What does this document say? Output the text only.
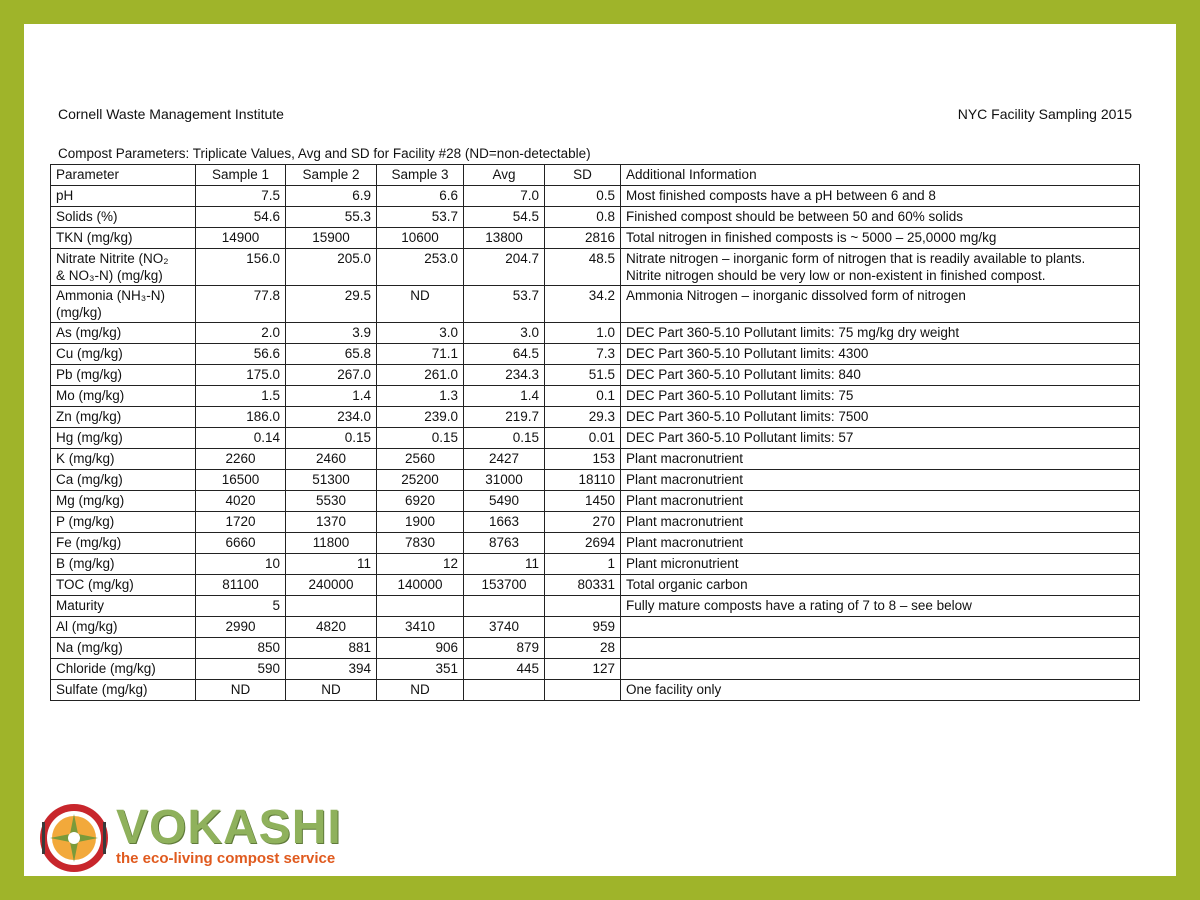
Cornell Waste Management Institute	NYC Facility Sampling 2015
Compost Parameters: Triplicate Values, Avg and SD for Facility #28 (ND=non-detectable)
Parameter	Sample 1	Sample 2	Sample 3	Avg	SD	Additional Information
pH	7.5	6.9	6.6	7.0	0.5	Most finished composts have a pH between 6 and 8
Solids (%)	54.6	55.3	53.7	54.5	0.8	Finished compost should be between 50 and 60% solids
TKN (mg/kg)	14900	15900	10600	13800	2816	Total nitrogen in finished composts is ~ 5000 – 25,0000 mg/kg
Nitrate Nitrite (NO₂
& NO₃-N) (mg/kg)	156.0	205.0	253.0	204.7	48.5	Nitrate nitrogen – inorganic form of nitrogen that is readily available to plants.
Nitrite nitrogen should be very low or non-existent in finished compost.
Ammonia (NH₃-N)
(mg/kg)	77.8	29.5	ND	53.7	34.2	Ammonia Nitrogen – inorganic dissolved form of nitrogen
As (mg/kg)	2.0	3.9	3.0	3.0	1.0	DEC Part 360-5.10 Pollutant limits: 75 mg/kg dry weight
Cu (mg/kg)	56.6	65.8	71.1	64.5	7.3	DEC Part 360-5.10 Pollutant limits: 4300
Pb (mg/kg)	175.0	267.0	261.0	234.3	51.5	DEC Part 360-5.10 Pollutant limits: 840
Mo (mg/kg)	1.5	1.4	1.3	1.4	0.1	DEC Part 360-5.10 Pollutant limits: 75
Zn (mg/kg)	186.0	234.0	239.0	219.7	29.3	DEC Part 360-5.10 Pollutant limits: 7500
Hg (mg/kg)	0.14	0.15	0.15	0.15	0.01	DEC Part 360-5.10 Pollutant limits: 57
K (mg/kg)	2260	2460	2560	2427	153	Plant macronutrient
Ca (mg/kg)	16500	51300	25200	31000	18110	Plant macronutrient
Mg (mg/kg)	4020	5530	6920	5490	1450	Plant macronutrient
P (mg/kg)	1720	1370	1900	1663	270	Plant macronutrient
Fe (mg/kg)	6660	11800	7830	8763	2694	Plant macronutrient
B (mg/kg)	10	11	12	11	1	Plant micronutrient
TOC (mg/kg)	81100	240000	140000	153700	80331	Total organic carbon
Maturity	5					Fully mature composts have a rating of 7 to 8 – see below
Al (mg/kg)	2990	4820	3410	3740	959	
Na (mg/kg)	850	881	906	879	28	
Chloride (mg/kg)	590	394	351	445	127	
Sulfate (mg/kg)	ND	ND	ND			One facility only
VOKASHI
the eco-living compost service
